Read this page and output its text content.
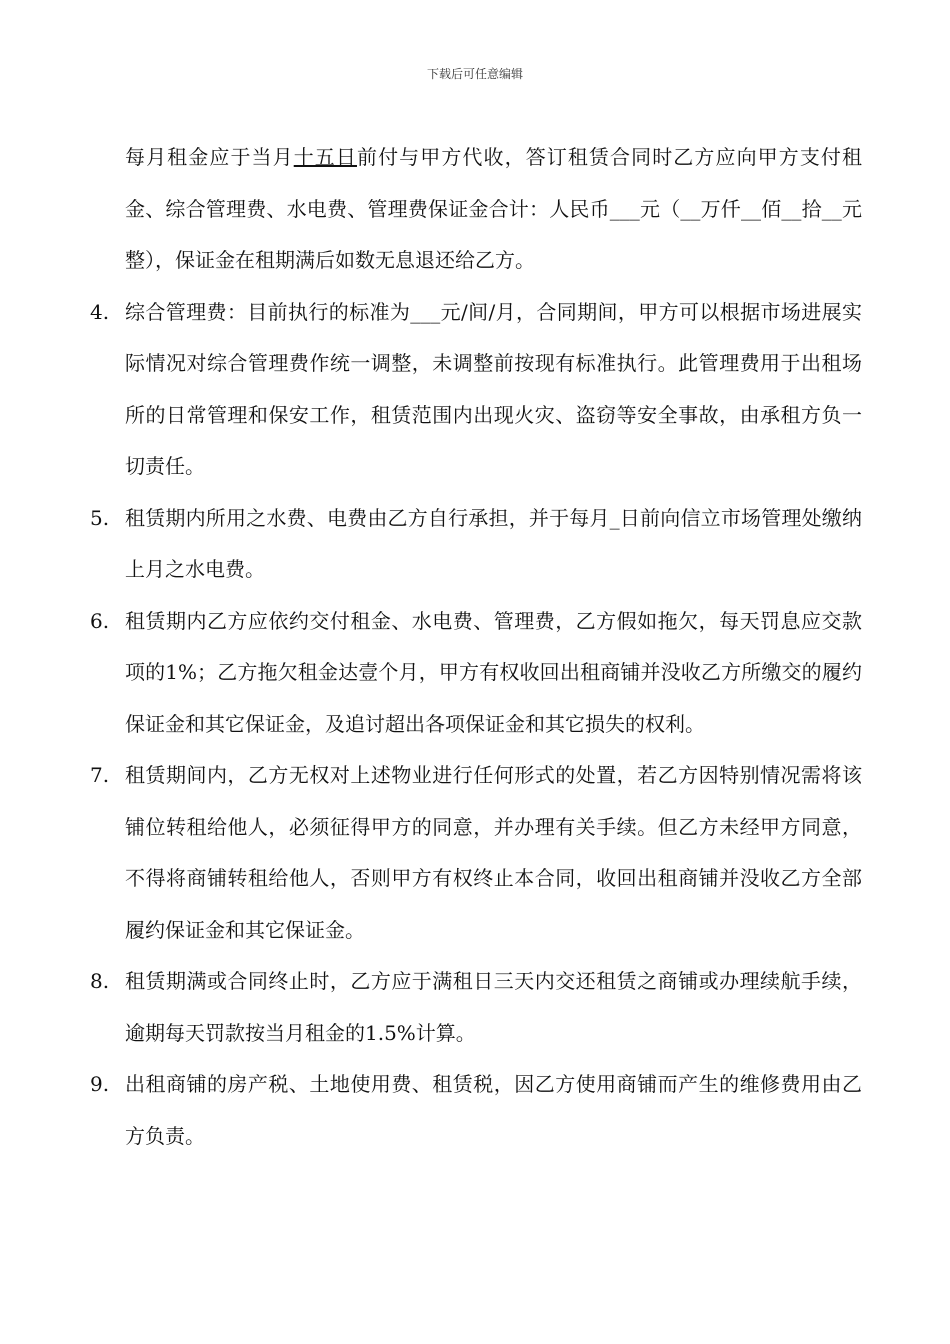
下载后可任意编辑
每月租金应于当月十五日前付与甲方代收，答订租赁合同时乙方应向甲方支付租金、综合管理费、水电费、管理费保证金合计：人民币___元（__万仟__佰__拾__元整），保证金在租期满后如数无息退还给乙方。
4. 综合管理费：目前执行的标准为___元/间/月，合同期间，甲方可以根据市场进展实际情况对综合管理费作统一调整，未调整前按现有标准执行。此管理费用于出租场所的日常管理和保安工作，租赁范围内出现火灾、盗窃等安全事故，由承租方负一切责任。
5. 租赁期内所用之水费、电费由乙方自行承担，并于每月_日前向信立市场管理处缴纳上月之水电费。
6. 租赁期内乙方应依约交付租金、水电费、管理费，乙方假如拖欠，每天罚息应交款项的1%；乙方拖欠租金达壹个月，甲方有权收回出租商铺并没收乙方所缴交的履约保证金和其它保证金，及追讨超出各项保证金和其它损失的权利。
7. 租赁期间内，乙方无权对上述物业进行任何形式的处置，若乙方因特别情况需将该铺位转租给他人，必须征得甲方的同意，并办理有关手续。但乙方未经甲方同意，不得将商铺转租给他人，否则甲方有权终止本合同，收回出租商铺并没收乙方全部履约保证金和其它保证金。
8. 租赁期满或合同终止时，乙方应于满租日三天内交还租赁之商铺或办理续航手续，逾期每天罚款按当月租金的1.5%计算。
9. 出租商铺的房产税、土地使用费、租赁税，因乙方使用商铺而产生的维修费用由乙方负责。
